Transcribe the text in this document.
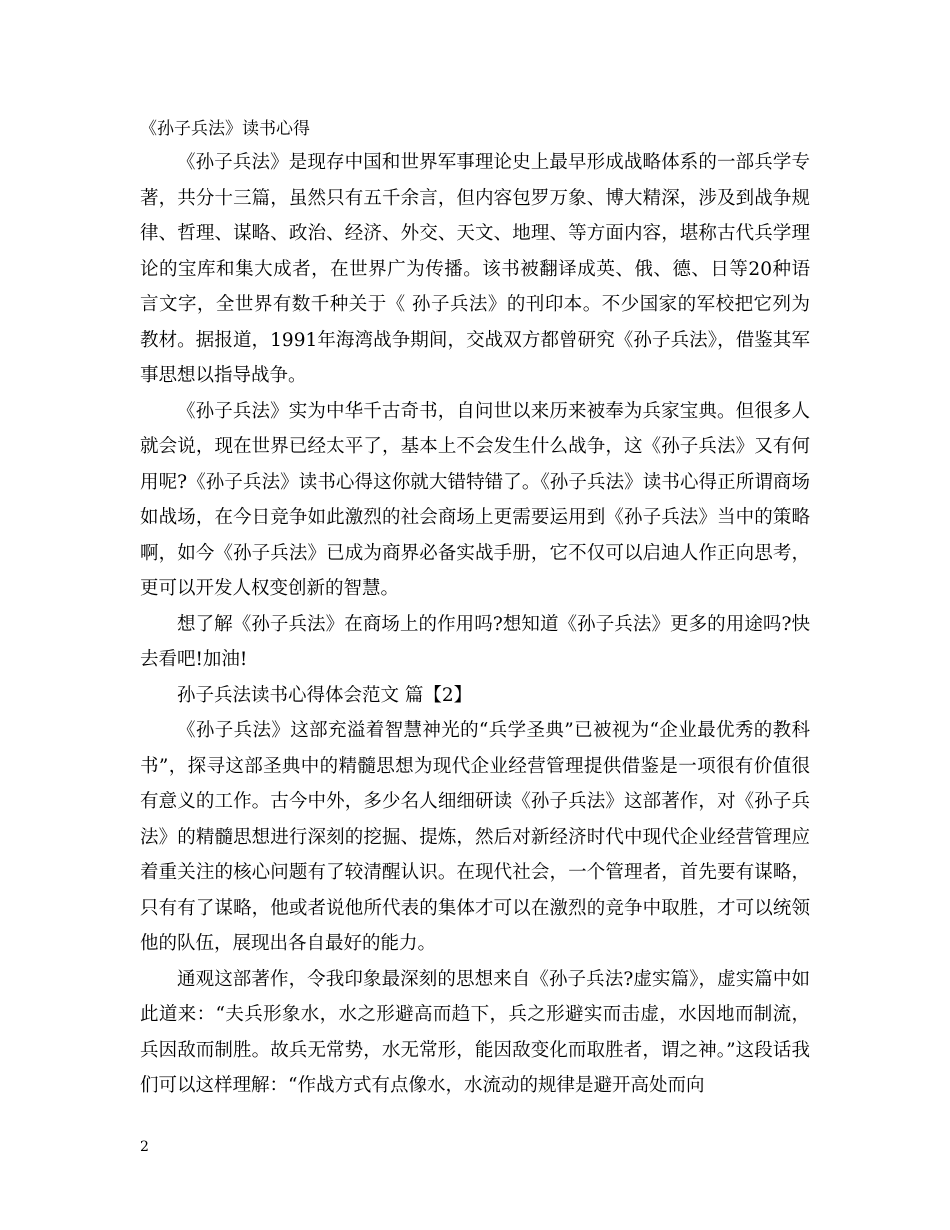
《孙子兵法》读书心得

《孙子兵法》是现存中国和世界军事理论史上最早形成战略体系的一部兵学专著，共分十三篇，虽然只有五千余言，但内容包罗万象、博大精深，涉及到战争规律、哲理、谋略、政治、经济、外交、天文、地理、等方面内容，堪称古代兵学理论的宝库和集大成者，在世界广为传播。该书被翻译成英、俄、德、日等20种语言文字，全世界有数千种关于《 孙子兵法》的刊印本。不少国家的军校把它列为教材。据报道，1991年海湾战争期间，交战双方都曾研究《孙子兵法》，借鉴其军事思想以指导战争。

《孙子兵法》实为中华千古奇书，自问世以来历来被奉为兵家宝典。但很多人就会说，现在世界已经太平了，基本上不会发生什么战争，这《孙子兵法》又有何用呢?《孙子兵法》读书心得这你就大错特错了。《孙子兵法》读书心得正所谓商场如战场，在今日竞争如此激烈的社会商场上更需要运用到《孙子兵法》当中的策略啊，如今《孙子兵法》已成为商界必备实战手册，它不仅可以启迪人作正向思考，更可以开发人权变创新的智慧。

想了解《孙子兵法》在商场上的作用吗?想知道《孙子兵法》更多的用途吗?快去看吧!加油!

孙子兵法读书心得体会范文 篇【2】

《孙子兵法》这部充溢着智慧神光的“兵学圣典”已被视为“企业最优秀的教科书”，探寻这部圣典中的精髓思想为现代企业经营管理提供借鉴是一项很有价值很有意义的工作。古今中外，多少名人细细研读《孙子兵法》这部著作，对《孙子兵法》的精髓思想进行深刻的挖掘、提炼，然后对新经济时代中现代企业经营管理应着重关注的核心问题有了较清醒认识。在现代社会，一个管理者，首先要有谋略，只有有了谋略，他或者说他所代表的集体才可以在激烈的竞争中取胜，才可以统领他的队伍，展现出各自最好的能力。

通观这部著作，令我印象最深刻的思想来自《孙子兵法?虚实篇》，虚实篇中如此道来：“夫兵形象水，水之形避高而趋下，兵之形避实而击虚，水因地而制流，兵因敌而制胜。故兵无常势，水无常形，能因敌变化而取胜者，谓之神。”这段话我们可以这样理解：“作战方式有点像水，水流动的规律是避开高处而向

2
